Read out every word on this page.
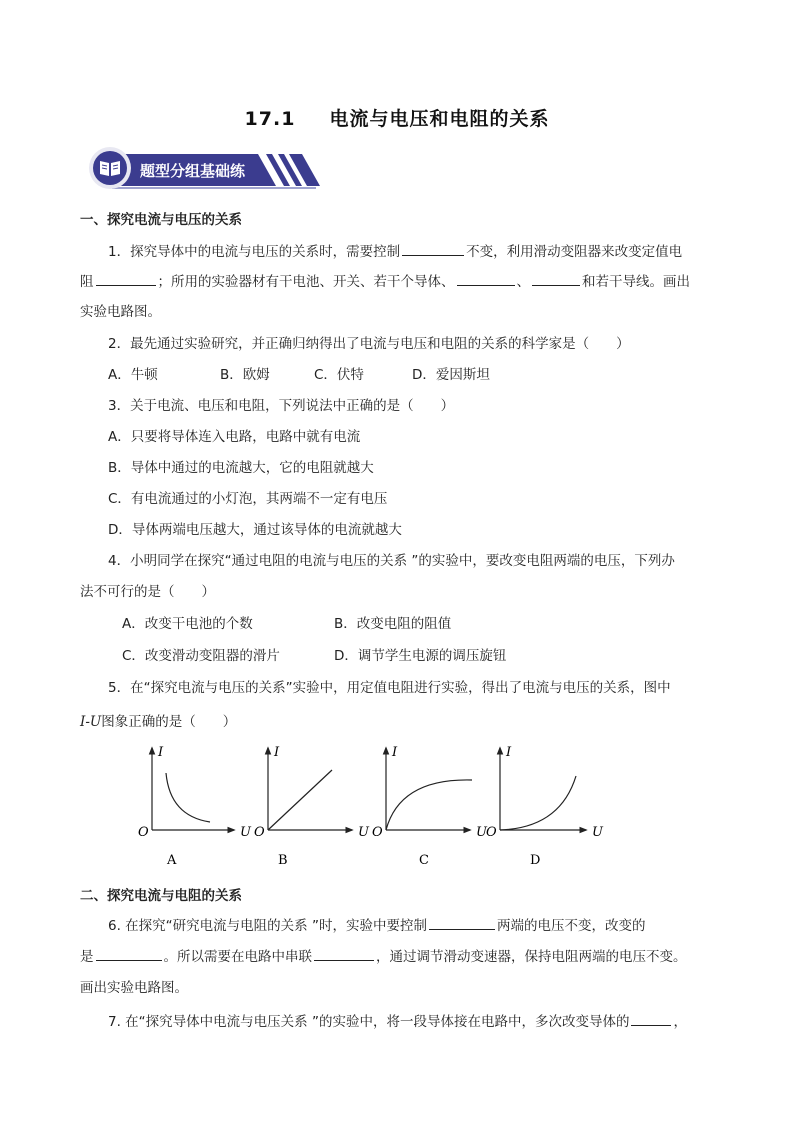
17.1 电流与电压和电阻的关系
题型分组基础练
一、探究电流与电压的关系
1．探究导体中的电流与电压的关系时，需要控制	不变，利用滑动变阻器来改变定值电
阻	；所用的实验器材有干电池、开关、若干个导体、	、	和若干导线。画出
实验电路图。
2．最先通过实验研究，并正确归纳得出了电流与电压和电阻的关系的科学家是（　　）
A．牛顿	B．欧姆	C．伏特	D．爱因斯坦
3．关于电流、电压和电阻，下列说法中正确的是（　　）
A．只要将导体连入电路，电路中就有电流
B．导体中通过的电流越大，它的电阻就越大
C．有电流通过的小灯泡，其两端不一定有电压
D．导体两端电压越大，通过该导体的电流就越大
4．小明同学在探究“通过电阻的电流与电压的关系 ”的实验中，要改变电阻两端的电压，下列办
法不可行的是（　　）
A．改变干电池的个数	B．改变电阻的阻值
C．改变滑动变阻器的滑片	D．调节学生电源的调压旋钮
5．在“探究电流与电压的关系”实验中，用定值电阻进行实验，得出了电流与电压的关系，图中
I-U图象正确的是（　　）
I
O	U
A
I
O	U
B
I
O	U
C
I
O	U
D
二、探究电流与电阻的关系
6. 在探究“研究电流与电阻的关系 ”时，实验中要控制	两端的电压不变，改变的
是	。所以需要在电路中串联	，通过调节滑动变速器，保持电阻两端的电压不变。
画出实验电路图。
7. 在“探究导体中电流与电压关系 ”的实验中，将一段导体接在电路中，多次改变导体的	，
